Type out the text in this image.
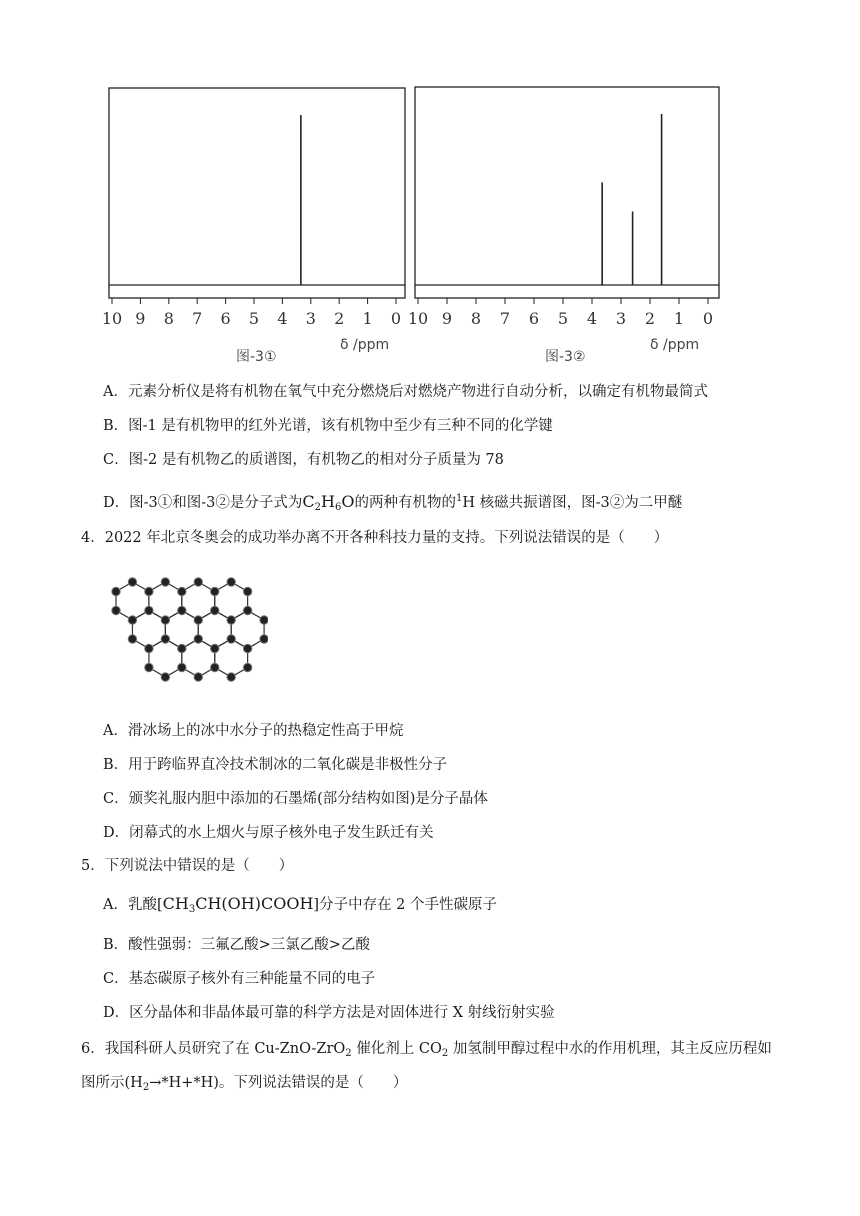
10 9 8 7 6 5 4 3 2 1 0
δ /ppm
图-3①
10 9 8 7 6 5 4 3 2 1 0
δ /ppm
图-3②
A．元素分析仪是将有机物在氧气中充分燃烧后对燃烧产物进行自动分析，以确定有机物最简式
B．图-1 是有机物甲的红外光谱，该有机物中至少有三种不同的化学键
C．图-2 是有机物乙的质谱图，有机物乙的相对分子质量为 78
D．图-3①和图-3②是分子式为$C_2H_6O$的两种有机物的$^1$H 核磁共振谱图，图-3②为二甲醚
4．2022 年北京冬奥会的成功举办离不开各种科技力量的支持。下列说法错误的是（　　）
A．滑冰场上的冰中水分子的热稳定性高于甲烷
B．用于跨临界直冷技术制冰的二氧化碳是非极性分子
C．颁奖礼服内胆中添加的石墨烯(部分结构如图)是分子晶体
D．闭幕式的水上烟火与原子核外电子发生跃迁有关
5．下列说法中错误的是（　　）
A．乳酸$[CH_3CH(OH)COOH]$分子中存在 2 个手性碳原子
B．酸性强弱：三氟乙酸>三氯乙酸>乙酸
C．基态碳原子核外有三种能量不同的电子
D．区分晶体和非晶体最可靠的科学方法是对固体进行 X 射线衍射实验
6．我国科研人员研究了在 Cu-ZnO-ZrO$_2$ 催化剂上 $CO_2$ 加氢制甲醇过程中水的作用机理，其主反应历程如
图所示$(H_2\to*H+*H)$。下列说法错误的是（　　）
